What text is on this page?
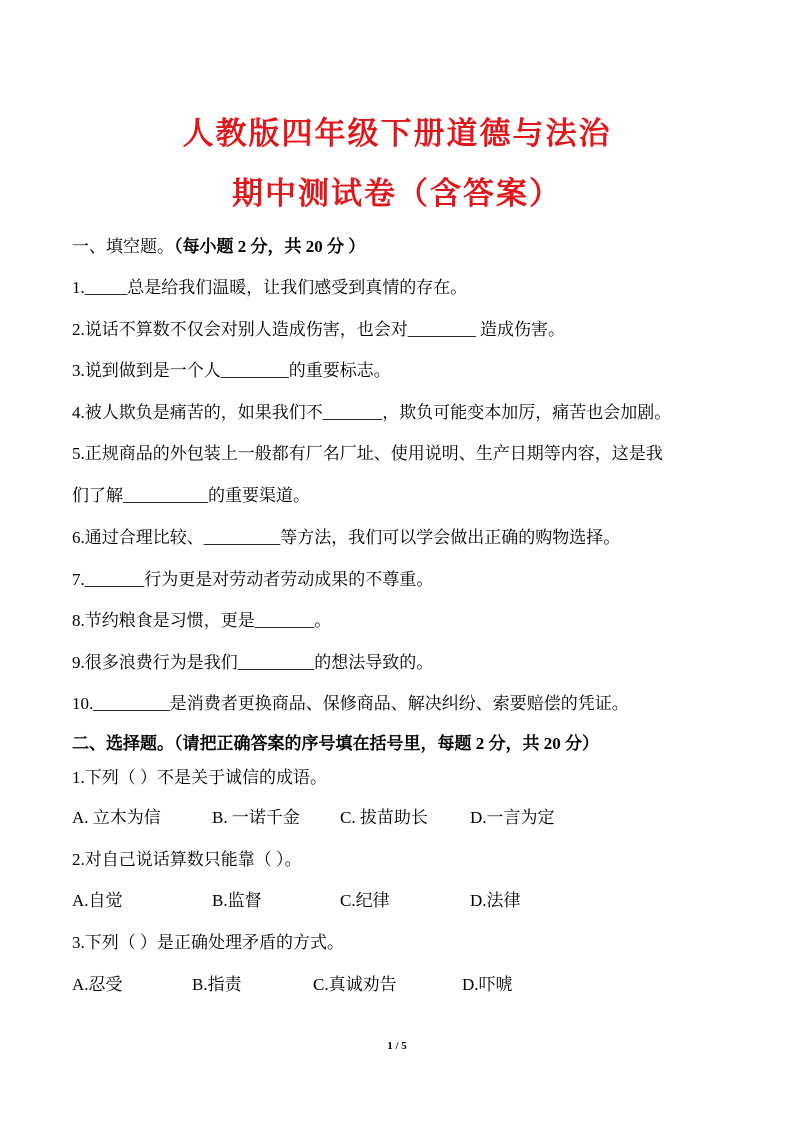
人教版四年级下册道德与法治
期中测试卷（含答案）
一、填空题。（每小题 2 分，共 20 分 ）
1._____总是给我们温暖，让我们感受到真情的存在。
2.说话不算数不仅会对别人造成伤害，也会对________ 造成伤害。
3.说到做到是一个人________的重要标志。
4.被人欺负是痛苦的，如果我们不_______，欺负可能变本加厉，痛苦也会加剧。
5.正规商品的外包装上一般都有厂名厂址、使用说明、生产日期等内容，这是我
们了解__________的重要渠道。
6.通过合理比较、_________等方法，我们可以学会做出正确的购物选择。
7._______行为更是对劳动者劳动成果的不尊重。
8.节约粮食是习惯，更是_______。
9.很多浪费行为是我们_________的想法导致的。
10._________是消费者更换商品、保修商品、解决纠纷、索要赔偿的凭证。
二、选择题。（请把正确答案的序号填在括号里，每题 2 分，共 20 分）
1.下列（ ）不是关于诚信的成语。
A. 立木为信	B. 一诺千金 C. 拔苗助长 D.一言为定
2.对自己说话算数只能靠（ ）。
A.自觉	B.监督	C.纪律	D.法律
3.下列（ ）是正确处理矛盾的方式。
A.忍受	B.指责	C.真诚劝告	D.吓唬
1 / 5
